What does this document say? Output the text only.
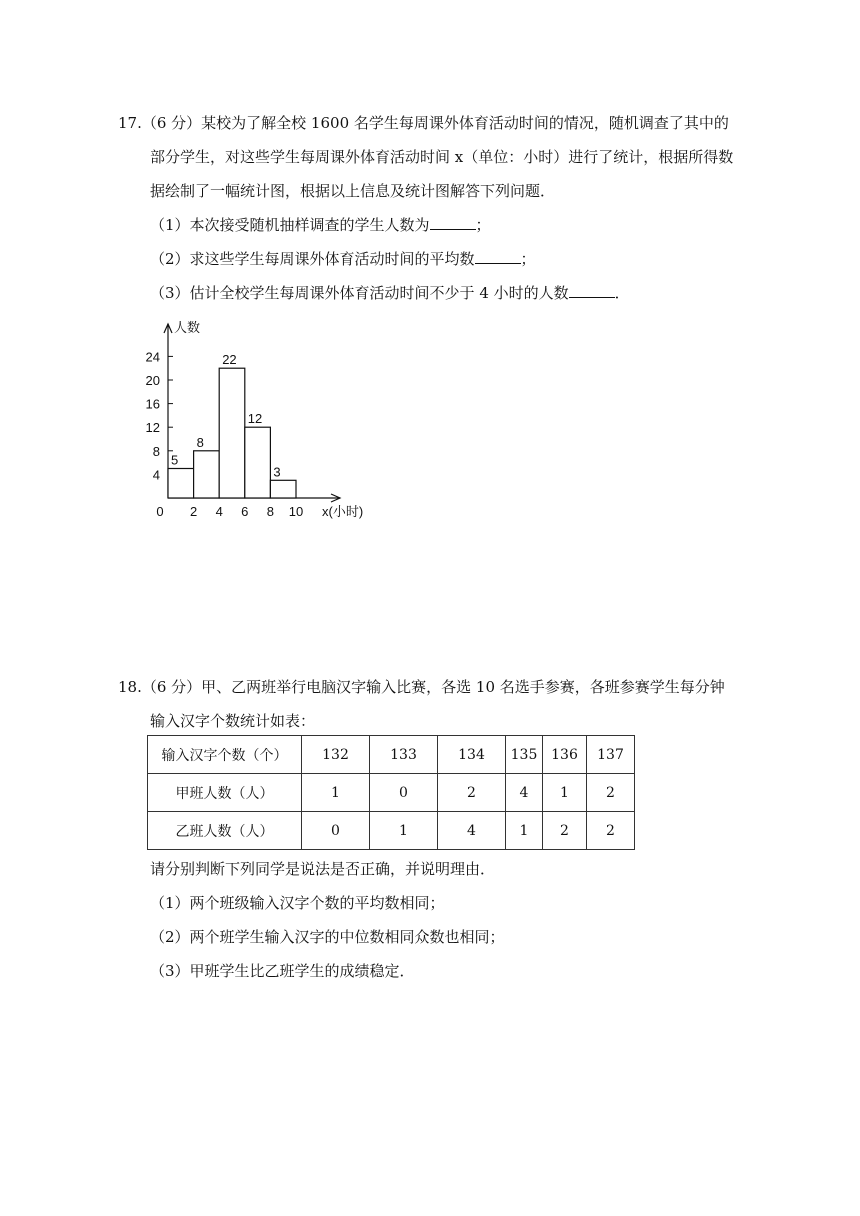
17.（6 分）某校为了解全校 1600 名学生每周课外体育活动时间的情况，随机调查了其中的
部分学生，对这些学生每周课外体育活动时间 x（单位：小时）进行了统计，根据所得数
据绘制了一幅统计图，根据以上信息及统计图解答下列问题．
（1）本次接受随机抽样调查的学生人数为	；
（2）求这些学生每周课外体育活动时间的平均数	；
（3）估计全校学生每周课外体育活动时间不少于 4 小时的人数	．
4
8
12
16
20
24
0 2 4 6 8 10
5
8
22
12
3
人数
x(小时)
18.（6 分）甲、乙两班举行电脑汉字输入比赛，各选 10 名选手参赛，各班参赛学生每分钟
输入汉字个数统计如表：
输入汉字个数（个）	132	133	134	135	136	137
甲班人数（人）	1	0	2	4	1	2
乙班人数（人）	0	1	4	1	2	2
请分别判断下列同学是说法是否正确，并说明理由．
（1）两个班级输入汉字个数的平均数相同；
（2）两个班学生输入汉字的中位数相同众数也相同；
（3）甲班学生比乙班学生的成绩稳定．
